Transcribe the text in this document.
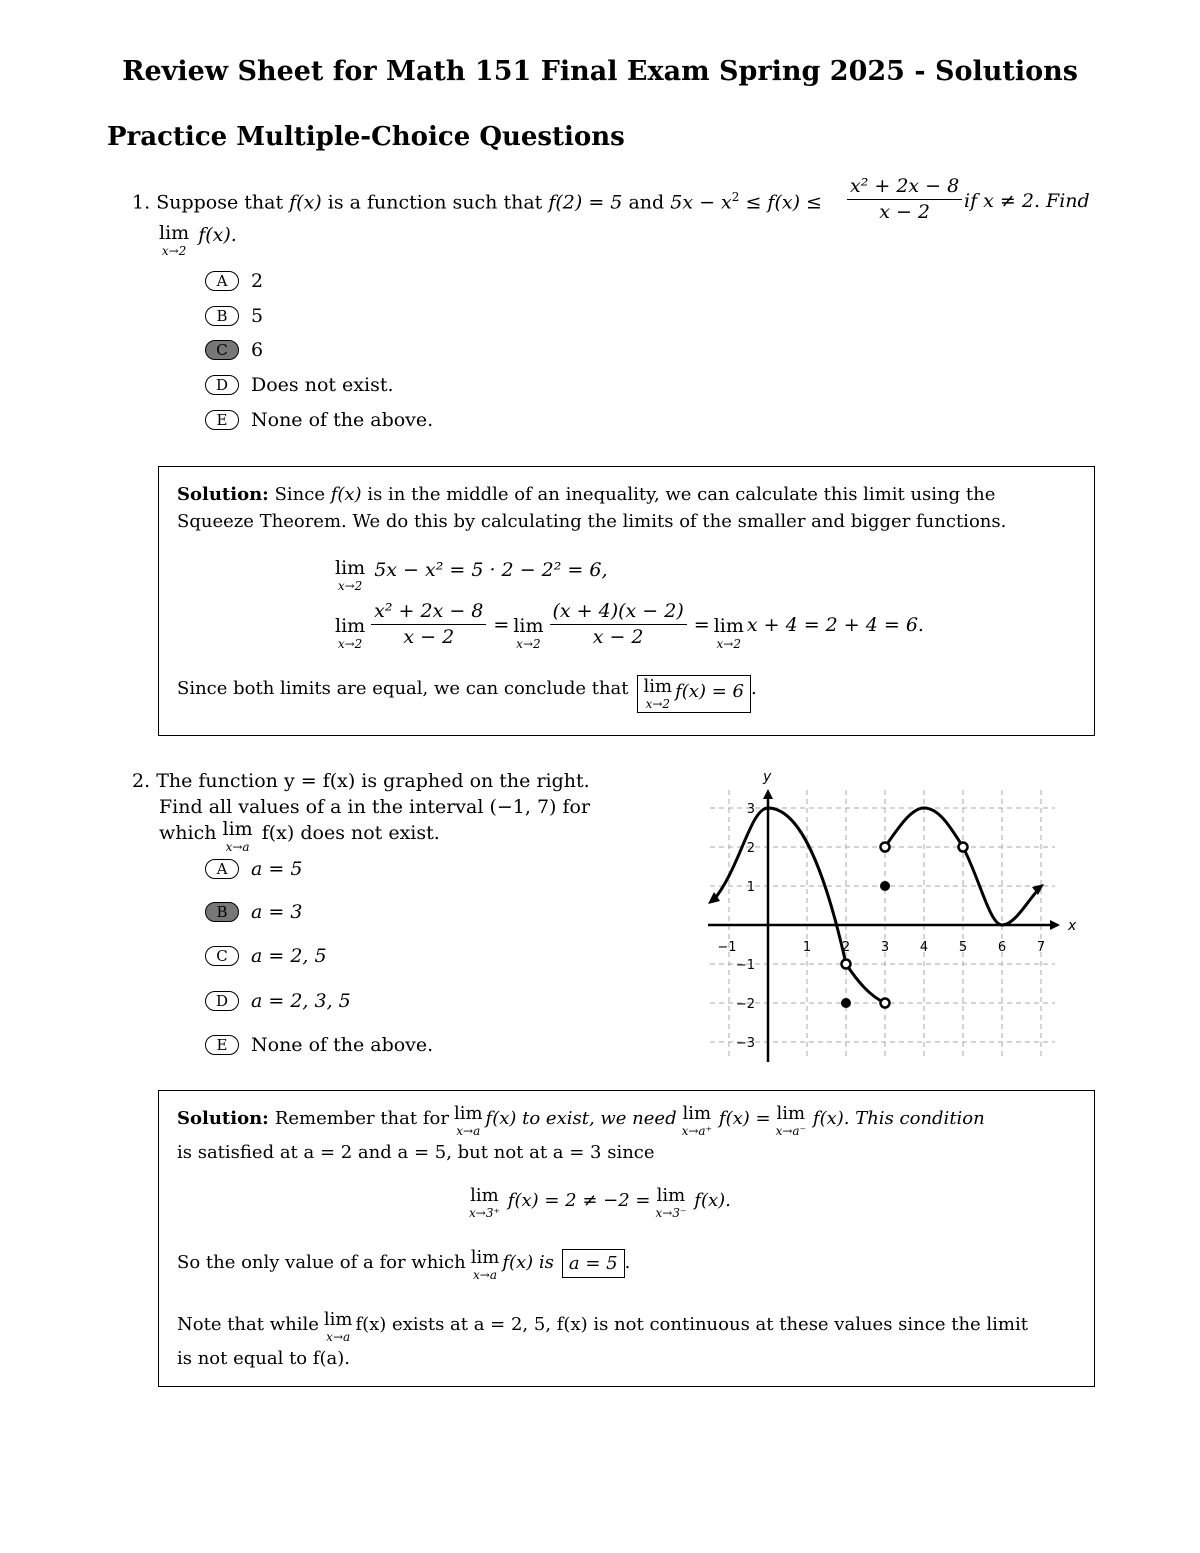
Review Sheet for Math 151 Final Exam Spring 2025 - Solutions
Practice Multiple-Choice Questions
1. Suppose that f(x) is a function such that f(2) = 5 and $5x - x^2 \le f(x) \le \frac{\text{x² + 2x − 8}}{x - 2}$ if x ≠ 2. Find
lim
x→2
f(x).
A	2
B	5
C	6
D	Does not exist.
E	None of the above.
Solution: Since f(x) is in the middle of an inequality, we can calculate this limit using the Squeeze Theorem. We do this by calculating the limits of the smaller and bigger functions.
lim
x→2
5x − x² = 5 · 2 − 2² = 6,
lim
$x\to 2 \frac{\text{x² + 2x − 8}}{x - 2} = \lim$
$x\to 2 \frac{(x + 4)(x - 2)}{x - 2} = \lim$
x→2
x + 4 = 2 + 4 = 6.
Since both limits are equal, we can conclude that lim
x→2
f(x) = 6 .
2. The function y = f(x) is graphed on the right.
Find all values of a in the interval (−1, 7) for
which lim
x→a
f(x) does not exist.
A	a = 5
B	a = 3
C	a = 2, 5
D	a = 2, 3, 5
E	None of the above.
x
y
−1	1 2 3 4 5 6 7
3
2
1
−1
−2
−3
Solution: Remember that for lim
x→a
f(x) to exist, we need lim
x→a⁺
f(x) = lim
x→a⁻
f(x). This condition
is satisfied at a = 2 and a = 5, but not at a = 3 since
lim
x→3⁺
f(x) = 2 ≠ −2 = lim
x→3⁻
f(x).
So the only value of a for which lim
x→a
f(x) is a = 5 .
Note that while lim
x→a
f(x) exists at a = 2, 5, f(x) is not continuous at these values since the limit
is not equal to f(a).
